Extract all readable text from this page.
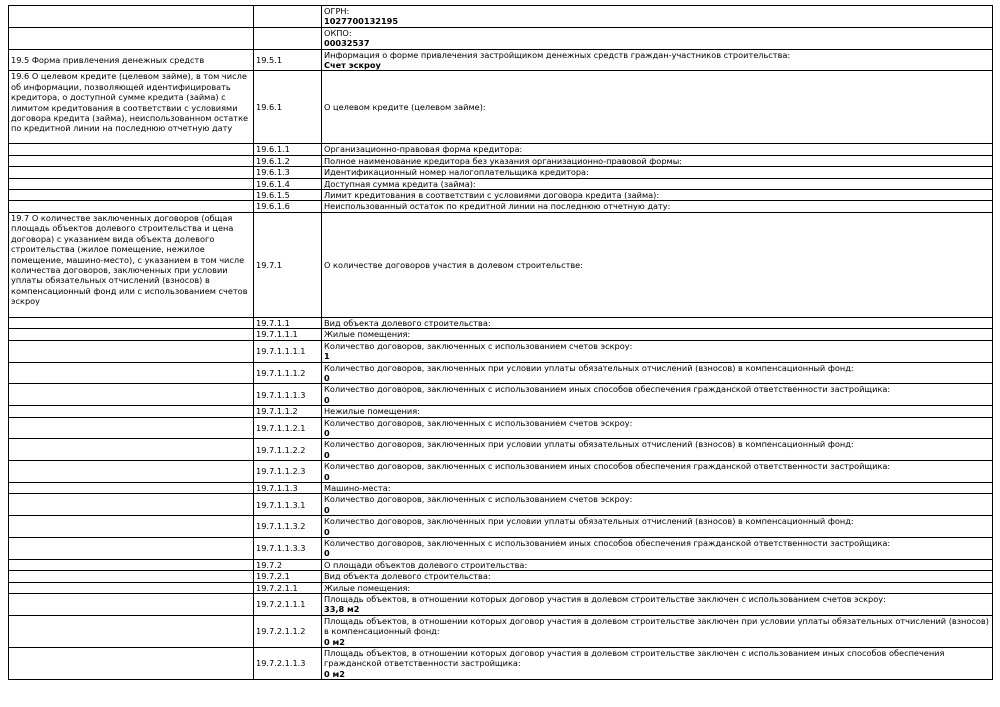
		ОГРН:
1027700132195

		ОКПО:
00032537

19.5 Форма привлечения денежных средств	19.5.1	Информация о форме привлечения застройщиком денежных средств граждан-участников строительства:
Счет эскроу

19.6 О целевом кредите (целевом займе), в том числе об информации, позволяющей идентифицировать кредитора, о доступной сумме кредита (займа) с лимитом кредитования в соответствии с условиями договора кредита (займа), неиспользованном остатке по кредитной линии на последнюю отчетную дату	19.6.1	О целевом кредите (целевом займе):
	19.6.1.1	Организационно-правовая форма кредитора:
	19.6.1.2	Полное наименование кредитора без указания организационно-правовой формы:
	19.6.1.3	Идентификационный номер налогоплательщика кредитора:
	19.6.1.4	Доступная сумма кредита (займа):
	19.6.1.5	Лимит кредитования в соответствии с условиями договора кредита (займа):
	19.6.1.6	Неиспользованный остаток по кредитной линии на последнюю отчетную дату:
19.7 О количестве заключенных договоров (общая площадь объектов долевого строительства и цена договора) с указанием вида объекта долевого строительства (жилое помещение, нежилое помещение, машино-место), с указанием в том числе количества договоров, заключенных при условии уплаты обязательных отчислений (взносов) в компенсационный фонд или с использованием счетов эскроу	19.7.1	О количестве договоров участия в долевом строительстве:
	19.7.1.1	Вид объекта долевого строительства:

	19.7.1.1.1	Жилые помещения:

	19.7.1.1.1.1	Количество договоров, заключенных с использованием счетов эскроу:
1

	19.7.1.1.1.2	Количество договоров, заключенных при условии уплаты обязательных отчислений (взносов) в компенсационный фонд:
0

	19.7.1.1.1.3	Количество договоров, заключенных с использованием иных способов обеспечения гражданской ответственности застройщика:
0

	19.7.1.1.2	Нежилые помещения:

	19.7.1.1.2.1	Количество договоров, заключенных с использованием счетов эскроу:
0

	19.7.1.1.2.2	Количество договоров, заключенных при условии уплаты обязательных отчислений (взносов) в компенсационный фонд:
0

	19.7.1.1.2.3	Количество договоров, заключенных с использованием иных способов обеспечения гражданской ответственности застройщика:
0

	19.7.1.1.3	Машино-места:

	19.7.1.1.3.1	Количество договоров, заключенных с использованием счетов эскроу:
0

	19.7.1.1.3.2	Количество договоров, заключенных при условии уплаты обязательных отчислений (взносов) в компенсационный фонд:
0

	19.7.1.1.3.3	Количество договоров, заключенных с использованием иных способов обеспечения гражданской ответственности застройщика:
0

	19.7.2	О площади объектов долевого строительства:

	19.7.2.1	Вид объекта долевого строительства:

	19.7.2.1.1	Жилые помещения:

	19.7.2.1.1.1	Площадь объектов, в отношении которых договор участия в долевом строительстве заключен с использованием счетов эскроу:
33,8 м2

	19.7.2.1.1.2	Площадь объектов, в отношении которых договор участия в долевом строительстве заключен при условии уплаты обязательных отчислений (взносов) в компенсационный фонд:
0 м2

	19.7.2.1.1.3	Площадь объектов, в отношении которых договор участия в долевом строительстве заключен с использованием иных способов обеспечения гражданской ответственности застройщика:
0 м2
